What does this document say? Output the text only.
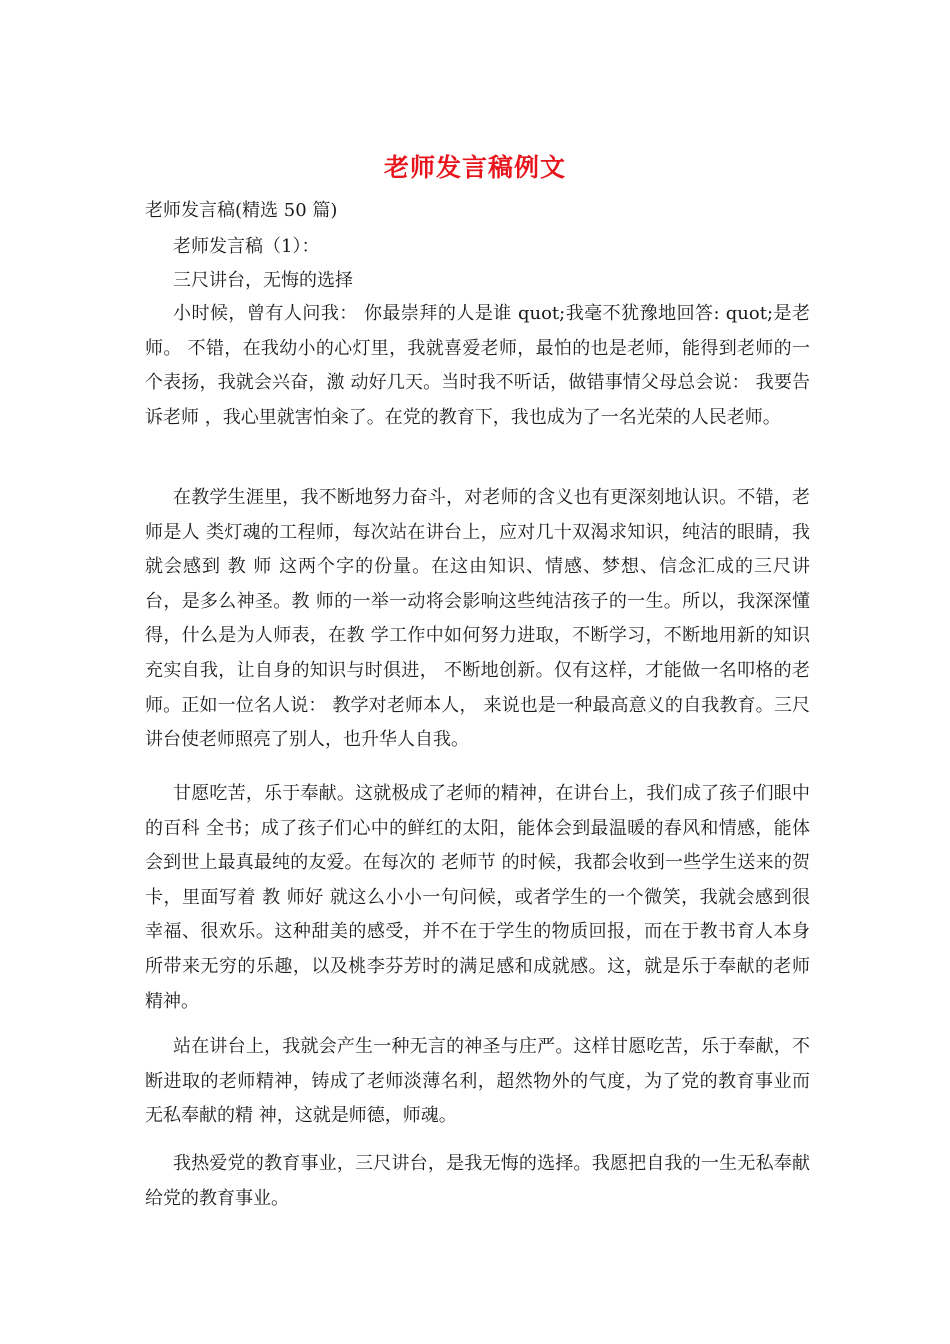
老师发言稿例文
老师发言稿(精选 50 篇)
老师发言稿（1）：
三尺讲台，无悔的选择

小时候，曾有人问我： 你最崇拜的人是谁 quot;我毫不犹豫地回答: quot;是老师。 不错，在我幼小的心灯里，我就喜爱老师，最怕的也是老师，能得到老师的一个表扬，我就会兴奋，激 动好几天。当时我不听话，做错事情父母总会说： 我要告诉老师 ，我心里就害怕籴了。在党的教育下，我也成为了一名光荣的人民老师。

在教学生涯里，我不断地努力奋斗，对老师的含义也有更深刻地认识。不错，老师是人 类灯魂的工程师，每次站在讲台上，应对几十双渴求知识，纯洁的眼睛，我就会感到 教 师 这两个字的份量。在这由知识、情感、梦想、信念汇成的三尺讲台，是多么神圣。教 师的一举一动将会影响这些纯洁孩子的一生。所以，我深深懂得，什么是为人师表，在教 学工作中如何努力进取，不断学习，不断地用新的知识充实自我，让自身的知识与时俱进， 不断地创新。仅有这样，才能做一名叩格的老师。正如一位名人说： 教学对老师本人， 来说也是一种最高意义的自我教育。三尺讲台使老师照亮了别人，也升华人自我。

甘愿吃苦，乐于奉献。这就极成了老师的精神，在讲台上，我们成了孩子们眼中的百科 全书；成了孩子们心中的鲜红的太阳，能体会到最温暖的春风和情感，能体会到世上最真最纯的友爱。在每次的 老师节 的时候，我都会收到一些学生送来的贺卡，里面写着 教 师好 就这么小小一句问候，或者学生的一个微笑，我就会感到很幸福、很欢乐。这种甜美的感受，并不在于学生的物质回报，而在于教书育人本身所带来无穷的乐趣，以及桃李芬芳时的满足感和成就感。这，就是乐于奉献的老师精神。

站在讲台上，我就会产生一种无言的神圣与庄严。这样甘愿吃苦，乐于奉献，不断进取的老师精神，铸成了老师淡薄名利，超然物外的气度，为了党的教育事业而无私奉献的精 神，这就是师德，师魂。

我热爱党的教育事业，三尺讲台，是我无悔的选择。我愿把自我的一生无私奉献给党的教育事业。
